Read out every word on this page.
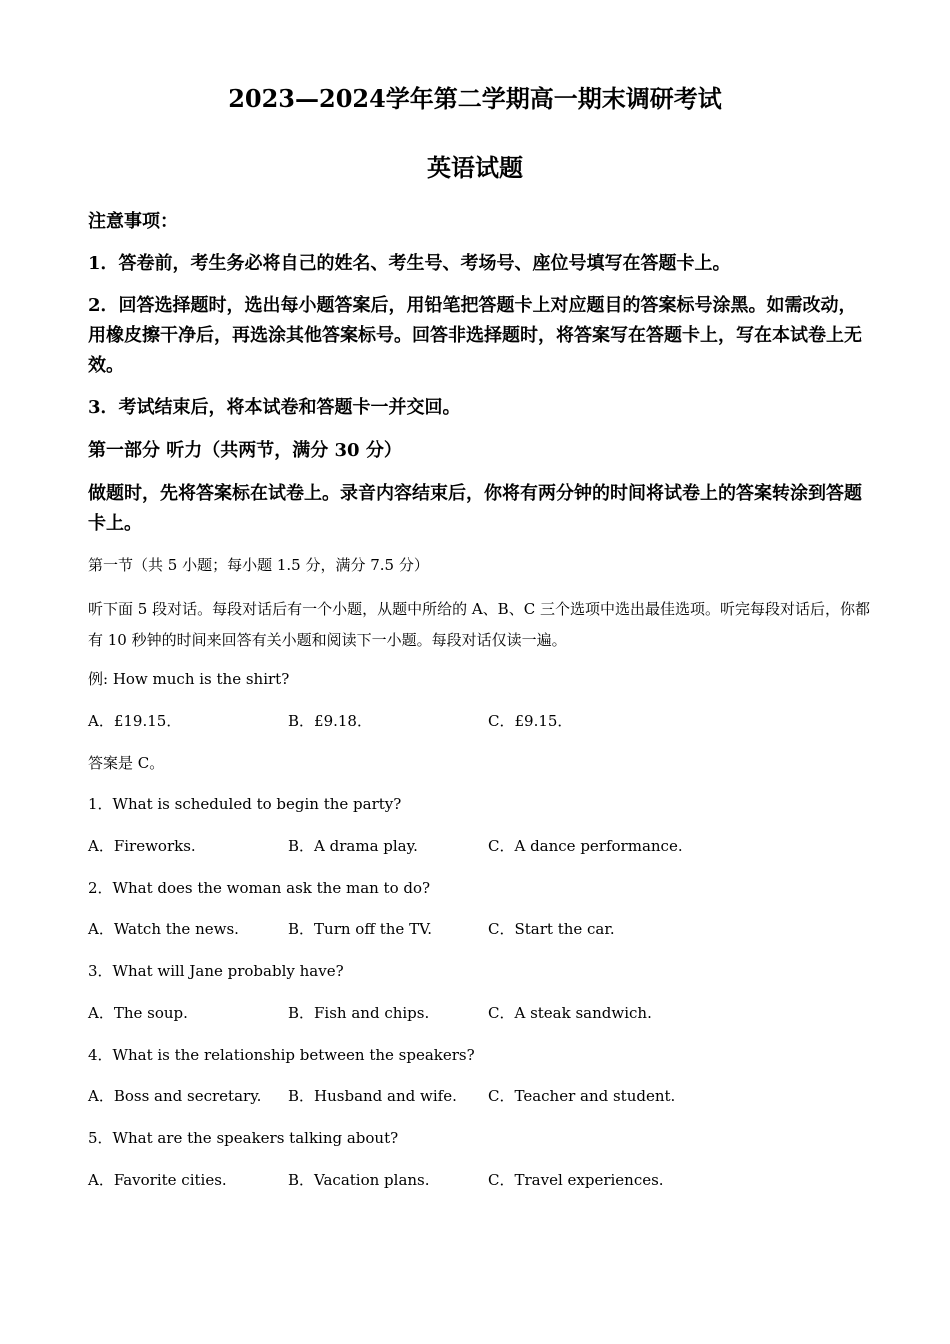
2023—2024学年第二学期高一期末调研考试
英语试题
注意事项：
1．答卷前，考生务必将自己的姓名、考生号、考场号、座位号填写在答题卡上。
2．回答选择题时，选出每小题答案后，用铅笔把答题卡上对应题目的答案标号涂黑。如需改动，用橡皮擦干净后，再选涂其他答案标号。回答非选择题时，将答案写在答题卡上，写在本试卷上无效。
3．考试结束后，将本试卷和答题卡一并交回。
第一部分 听力（共两节，满分 30 分）
做题时，先将答案标在试卷上。录音内容结束后，你将有两分钟的时间将试卷上的答案转涂到答题卡上。
第一节（共 5 小题；每小题 1.5 分，满分 7.5 分）
听下面 5 段对话。每段对话后有一个小题，从题中所给的 A、B、C 三个选项中选出最佳选项。听完每段对话后，你都有 10 秒钟的时间来回答有关小题和阅读下一小题。每段对话仅读一遍。
例: How much is the shirt?
A．£19.15．	B．£9.18．	C．£9.15．
答案是 C。
1．What is scheduled to begin the party?
A．Fireworks.	B．A drama play.	C．A dance performance.
2．What does the woman ask the man to do?
A．Watch the news.	B．Turn off the TV.	C．Start the car.
3．What will Jane probably have?
A．The soup.	B．Fish and chips.	C．A steak sandwich.
4．What is the relationship between the speakers?
A．Boss and secretary. B．Husband and wife. C．Teacher and student.
5．What are the speakers talking about?
A．Favorite cities.	B．Vacation plans.	C．Travel experiences.
